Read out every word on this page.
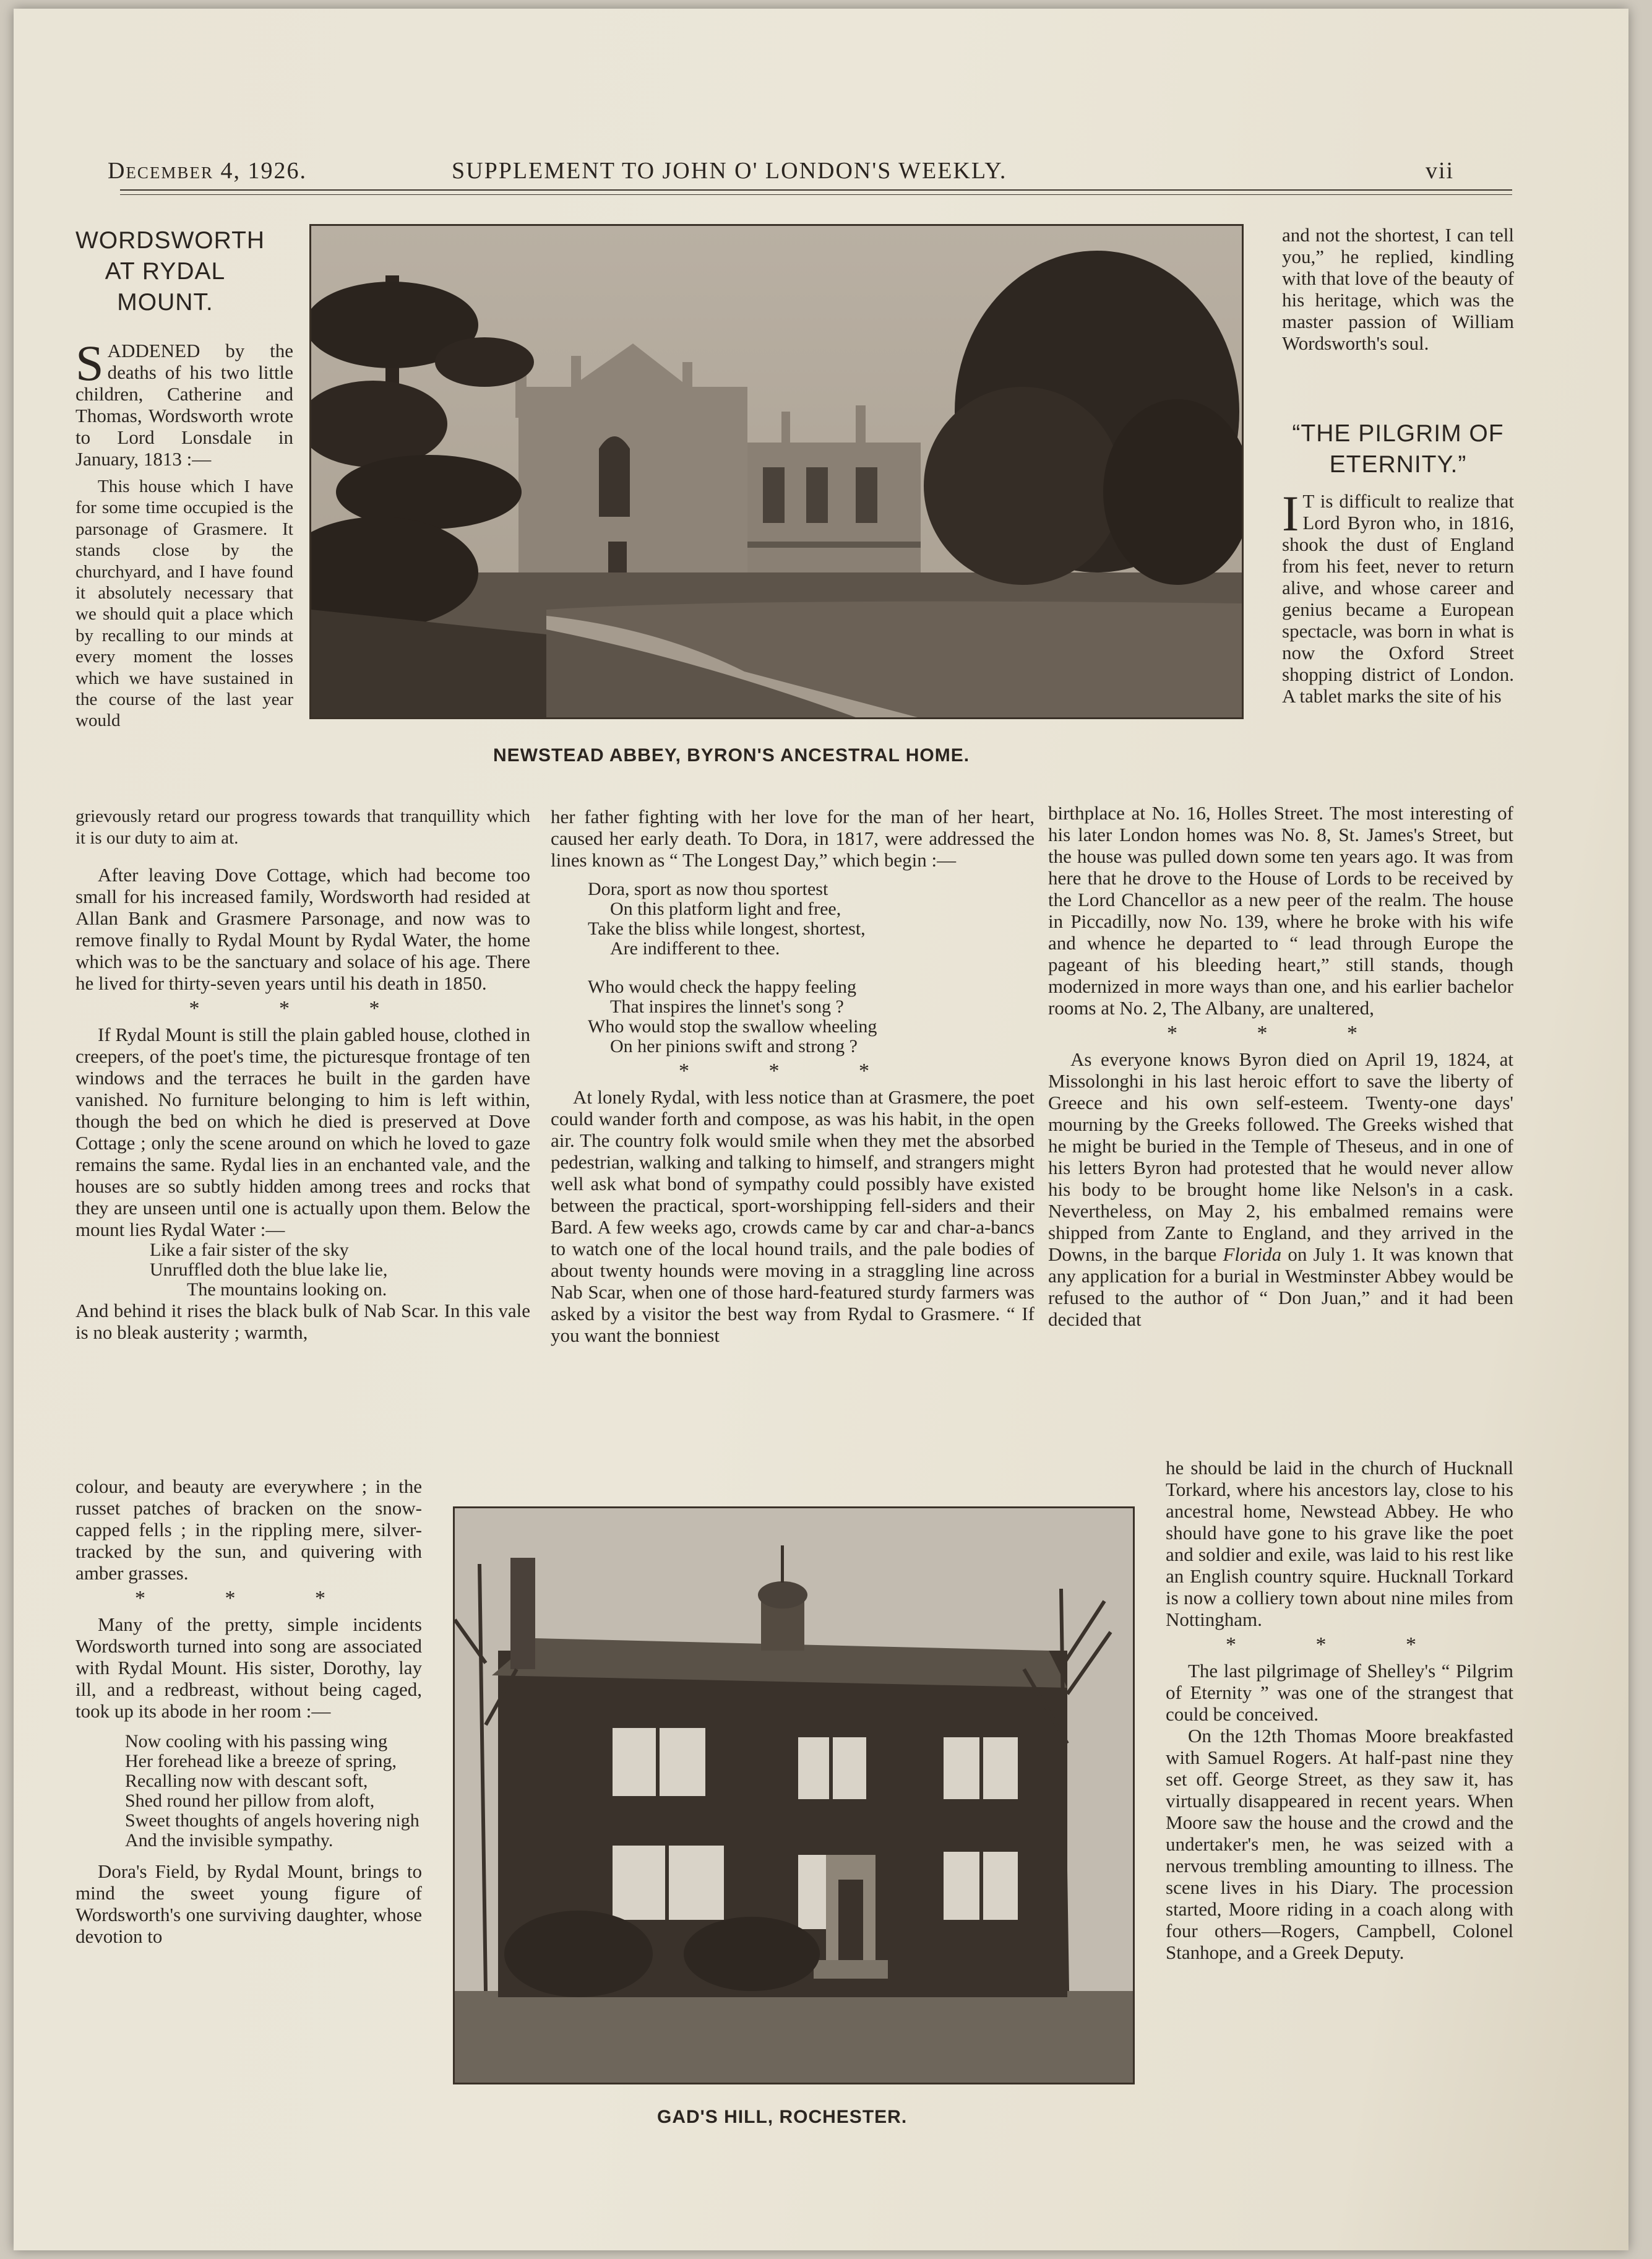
December 4, 1926.	SUPPLEMENT TO JOHN O' LONDON'S WEEKLY.	vii
WORDSWORTH AT RYDAL MOUNT.

SADDENED by the deaths of his two little children, Catherine and Thomas, Wordsworth wrote to Lord Lonsdale in January, 1813 :—

This house which I have for some time occupied is the parsonage of Grasmere. It stands close by the churchyard, and I have found it absolutely necessary that we should quit a place which by recalling to our minds at every moment the losses which we have sustained in the course of the last year would

grievously retard our progress towards that tranquillity which it is our duty to aim at.

After leaving Dove Cottage, which had become too small for his increased family, Wordsworth had resided at Allan Bank and Grasmere Parsonage, and now was to remove finally to Rydal Mount by Rydal Water, the home which was to be the sanctuary and solace of his age. There he lived for thirty-seven years until his death in 1850.

* * *

If Rydal Mount is still the plain gabled house, clothed in creepers, of the poet's time, the picturesque frontage of ten windows and the terraces he built in the garden have vanished. No furniture belonging to him is left within, though the bed on which he died is preserved at Dove Cottage ; only the scene around on which he loved to gaze remains the same. Rydal lies in an enchanted vale, and the houses are so subtly hidden among trees and rocks that they are unseen until one is actually upon them. Below the mount lies Rydal Water :—

Like a fair sister of the sky
Unruffled doth the blue lake lie,
The mountains looking on.

And behind it rises the black bulk of Nab Scar. In this vale is no bleak austerity ; warmth,

colour, and beauty are everywhere ; in the russet patches of bracken on the snow-capped fells ; in the rippling mere, silver-tracked by the sun, and quivering with amber grasses.

* * *

Many of the pretty, simple incidents Wordsworth turned into song are associated with Rydal Mount. His sister, Dorothy, lay ill, and a redbreast, without being caged, took up its abode in her room :—

Now cooling with his passing wing
Her forehead like a breeze of spring,
Recalling now with descant soft,
Shed round her pillow from aloft,
Sweet thoughts of angels hovering nigh
And the invisible sympathy.

Dora's Field, by Rydal Mount, brings to mind the sweet young figure of Wordsworth's one surviving daughter, whose devotion to

her father fighting with her love for the man of her heart, caused her early death. To Dora, in 1817, were addressed the lines known as “ The Longest Day,” which begin :—

Dora, sport as now thou sportest
On this platform light and free,
Take the bliss while longest, shortest,
Are indifferent to thee.
Who would check the happy feeling
That inspires the linnet's song ?
Who would stop the swallow wheeling
On her pinions swift and strong ?
* * *

At lonely Rydal, with less notice than at Grasmere, the poet could wander forth and compose, as was his habit, in the open air. The country folk would smile when they met the absorbed pedestrian, walking and talking to himself, and strangers might well ask what bond of sympathy could possibly have existed between the practical, sport-worshipping fell-siders and their Bard. A few weeks ago, crowds came by car and char-a-bancs to watch one of the local hound trails, and the pale bodies of about twenty hounds were moving in a straggling line across Nab Scar, when one of those hard-featured sturdy farmers was asked by a visitor the best way from Rydal to Grasmere. “ If you want the bonniest

and not the shortest, I can tell you,” he replied, kindling with that love of the beauty of his heritage, which was the master passion of William Wordsworth's soul.

“THE PILGRIM OF ETERNITY.”

I T is difficult to realize that Lord Byron who, in 1816, shook the dust of England from his feet, never to return alive, and whose career and genius became a European spectacle, was born in what is now the Oxford Street shopping district of London. A tablet marks the site of his

birthplace at No. 16, Holles Street. The most interesting of his later London homes was No. 8, St. James's Street, but the house was pulled down some ten years ago. It was from here that he drove to the House of Lords to be received by the Lord Chancellor as a new peer of the realm. The house in Piccadilly, now No. 139, where he broke with his wife and whence he departed to “ lead through Europe the pageant of his bleeding heart,” still stands, though modernized in more ways than one, and his earlier bachelor rooms at No. 2, The Albany, are unaltered,

* * *

As everyone knows Byron died on April 19, 1824, at Missolonghi in his last heroic effort to save the liberty of Greece and his own self-esteem. Twenty-one days' mourning by the Greeks followed. The Greeks wished that he might be buried in the Temple of Theseus, and in one of his letters Byron had protested that he would never allow his body to be brought home like Nelson's in a cask. Nevertheless, on May 2, his embalmed remains were shipped from Zante to England, and they arrived in the Downs, in the barque Florida on July 1. It was known that any application for a burial in Westminster Abbey would be refused to the author of “ Don Juan,” and it had been decided that

he should be laid in the church of Hucknall Torkard, where his ancestors lay, close to his ancestral home, Newstead Abbey. He who should have gone to his grave like the poet and soldier and exile, was laid to his rest like an English country squire. Hucknall Torkard is now a colliery town about nine miles from Nottingham.

* * *

The last pilgrimage of Shelley's “ Pilgrim of Eternity ” was one of the strangest that could be conceived.

On the 12th Thomas Moore breakfasted with Samuel Rogers. At half-past nine they set off. George Street, as they saw it, has virtually disappeared in recent years. When Moore saw the house and the crowd and the undertaker's men, he was seized with a nervous trembling amounting to illness. The scene lives in his Diary. The procession started, Moore riding in a coach along with four others—Rogers, Campbell, Colonel Stanhope, and a Greek Deputy.

NEWSTEAD ABBEY, BYRON'S ANCESTRAL HOME.
GAD'S HILL, ROCHESTER.
